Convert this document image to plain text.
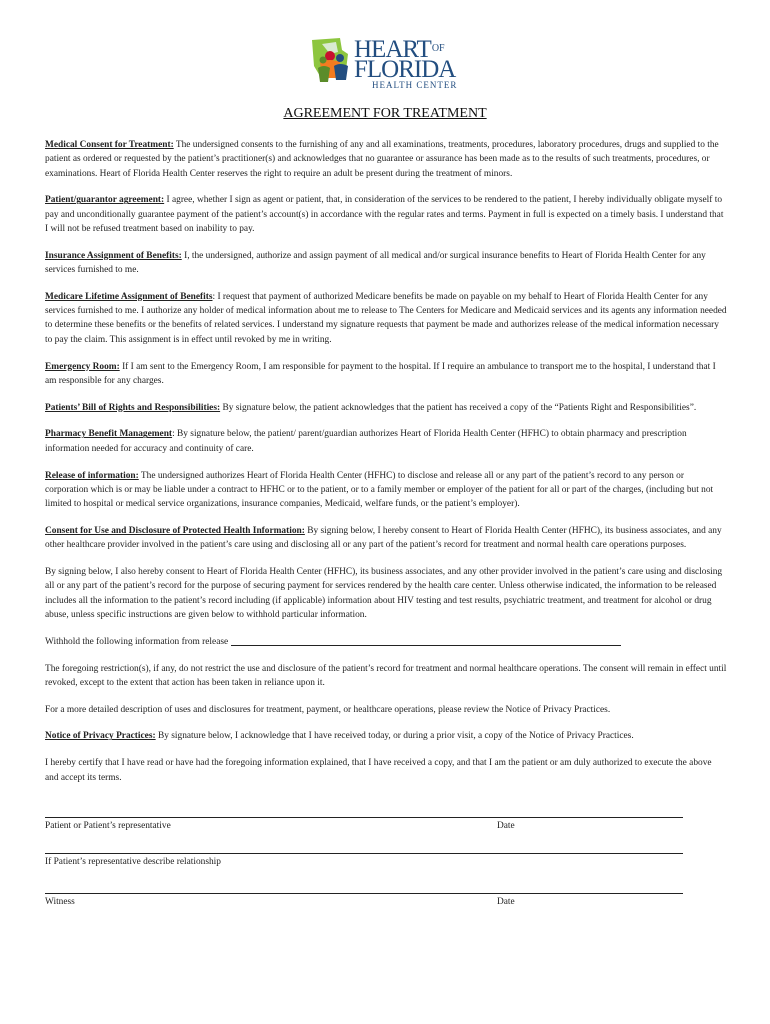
$HEART^{OF}$
FLORIDA
HEALTH CENTER
AGREEMENT FOR TREATMENT

Medical Consent for Treatment: The undersigned consents to the furnishing of any and all examinations, treatments, procedures, laboratory procedures, drugs and supplied to the patient as ordered or requested by the patient’s practitioner(s) and acknowledges that no guarantee or assurance has been made as to the results of such treatments, procedures, or examinations. Heart of Florida Health Center reserves the right to require an adult be present during the treatment of minors.

Patient/guarantor agreement: I agree, whether I sign as agent or patient, that, in consideration of the services to be rendered to the patient, I hereby individually obligate myself to pay and unconditionally guarantee payment of the patient’s account(s) in accordance with the regular rates and terms. Payment in full is expected on a timely basis. I understand that I will not be refused treatment based on inability to pay.

Insurance Assignment of Benefits: I, the undersigned, authorize and assign payment of all medical and/or surgical insurance benefits to Heart of Florida Health Center for any services furnished to me.

Medicare Lifetime Assignment of Benefits: I request that payment of authorized Medicare benefits be made on payable on my behalf to Heart of Florida Health Center for any services furnished to me. I authorize any holder of medical information about me to release to The Centers for Medicare and Medicaid services and its agents any information needed to determine these benefits or the benefits of related services. I understand my signature requests that payment be made and authorizes release of the medical information necessary to pay the claim. This assignment is in effect until revoked by me in writing.

Emergency Room: If I am sent to the Emergency Room, I am responsible for payment to the hospital. If I require an ambulance to transport me to the hospital, I understand that I am responsible for any charges.

Patients’ Bill of Rights and Responsibilities: By signature below, the patient acknowledges that the patient has received a copy of the “Patients Right and Responsibilities”.

Pharmacy Benefit Management: By signature below, the patient/ parent/guardian authorizes Heart of Florida Health Center (HFHC) to obtain pharmacy and prescription information needed for accuracy and continuity of care.

Release of information: The undersigned authorizes Heart of Florida Health Center (HFHC) to disclose and release all or any part of the patient’s record to any person or corporation which is or may be liable under a contract to HFHC or to the patient, or to a family member or employer of the patient for all or part of the charges, (including but not limited to hospital or medical service organizations, insurance companies, Medicaid, welfare funds, or the patient’s employer).

Consent for Use and Disclosure of Protected Health Information: By signing below, I hereby consent to Heart of Florida Health Center (HFHC), its business associates, and any other healthcare provider involved in the patient’s care using and disclosing all or any part of the patient’s record for treatment and normal health care operations purposes.

By signing below, I also hereby consent to Heart of Florida Health Center (HFHC), its business associates, and any other provider involved in the patient’s care using and disclosing all or any part of the patient’s record for the purpose of securing payment for services rendered by the health care center. Unless otherwise indicated, the information to be released includes all the information to the patient’s record including (if applicable) information about HIV testing and test results, psychiatric treatment, and treatment for alcohol or drug abuse, unless specific instructions are given below to withhold particular information.

Withhold the following information from release

The foregoing restriction(s), if any, do not restrict the use and disclosure of the patient’s record for treatment and normal healthcare operations. The consent will remain in effect until revoked, except to the extent that action has been taken in reliance upon it.

For a more detailed description of uses and disclosures for treatment, payment, or healthcare operations, please review the Notice of Privacy Practices.

Notice of Privacy Practices: By signature below, I acknowledge that I have received today, or during a prior visit, a copy of the Notice of Privacy Practices.

I hereby certify that I have read or have had the foregoing information explained, that I have received a copy, and that I am the patient or am duly authorized to execute the above and accept its terms.

Patient or Patient’s representative	Date
If Patient’s representative describe relationship
Witness	Date
